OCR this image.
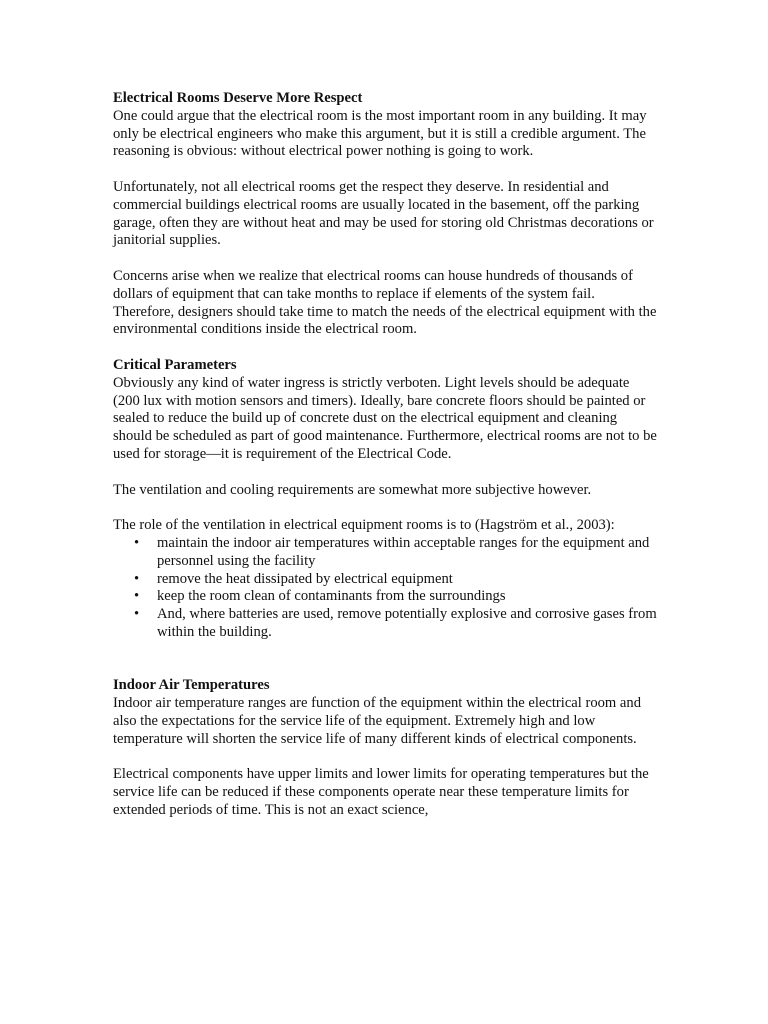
Electrical Rooms Deserve More Respect

One could argue that the electrical room is the most important room in any building. It may only be electrical engineers who make this argument, but it is still a credible argument. The reasoning is obvious: without electrical power nothing is going to work.

Unfortunately, not all electrical rooms get the respect they deserve. In residential and commercial buildings electrical rooms are usually located in the basement, off the parking garage, often they are without heat and may be used for storing old Christmas decorations or janitorial supplies.

Concerns arise when we realize that electrical rooms can house hundreds of thousands of dollars of equipment that can take months to replace if elements of the system fail. Therefore, designers should take time to match the needs of the electrical equipment with the environmental conditions inside the electrical room.

Critical Parameters

Obviously any kind of water ingress is strictly verboten. Light levels should be adequate (200 lux with motion sensors and timers). Ideally, bare concrete floors should be painted or sealed to reduce the build up of concrete dust on the electrical equipment and cleaning should be scheduled as part of good maintenance. Furthermore, electrical rooms are not to be used for storage—it is requirement of the Electrical Code.

The ventilation and cooling requirements are somewhat more subjective however.

The role of the ventilation in electrical equipment rooms is to (Hagström et al., 2003):

• maintain the indoor air temperatures within acceptable ranges for the equipment and personnel using the facility
• remove the heat dissipated by electrical equipment
• keep the room clean of contaminants from the surroundings
• And, where batteries are used, remove potentially explosive and corrosive gases from within the building.

Indoor Air Temperatures

Indoor air temperature ranges are function of the equipment within the electrical room and also the expectations for the service life of the equipment. Extremely high and low temperature will shorten the service life of many different kinds of electrical components.

Electrical components have upper limits and lower limits for operating temperatures but the service life can be reduced if these components operate near these temperature limits for extended periods of time. This is not an exact science,
